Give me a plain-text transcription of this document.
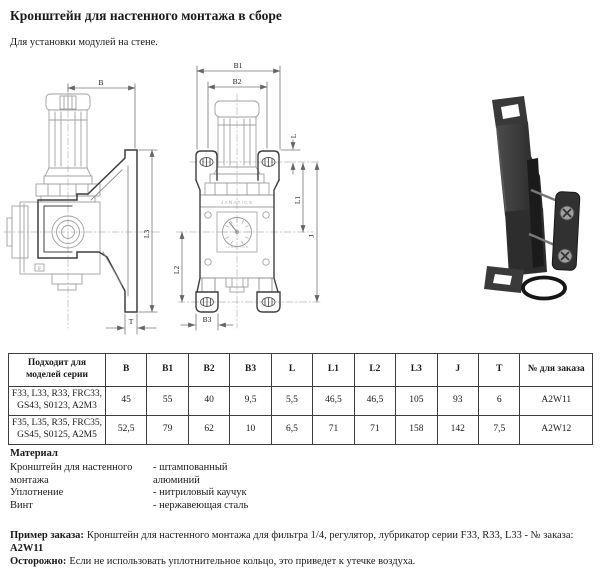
Кронштейн для настенного монтажа в сборе
Для установки модулей на стене.
F
B
L3
T
JANATICS
JANATICS
B1
B2
L
L1
J
L2
B3
Подходит для моделей серии	B	B1	B2	B3	L	L1	L2	L3	J	T	№ для заказа
F33, L33, R33, FRC33, GS43, S0123, A2M3	45	55	40	9,5	5,5	46,5	46,5	105	93	6	A2W11
F35, L35, R35, FRC35, GS45, S0125, A2M5	52,5	79	62	10	6,5	71	71	158	142	7,5	A2W12
Материал
Кронштейн для настенного монтажа
- штампованный алюминий
Уплотнение	- нитриловый каучук
Винт	- нержавеющая сталь
Пример заказа: Кронштейн для настенного монтажа для фильтра 1/4, регулятор, лубрикатор серии F33, R33, L33 - № заказа: A2W11
Осторожно: Если не использовать уплотнительное кольцо, это приведет к утечке воздуха.
